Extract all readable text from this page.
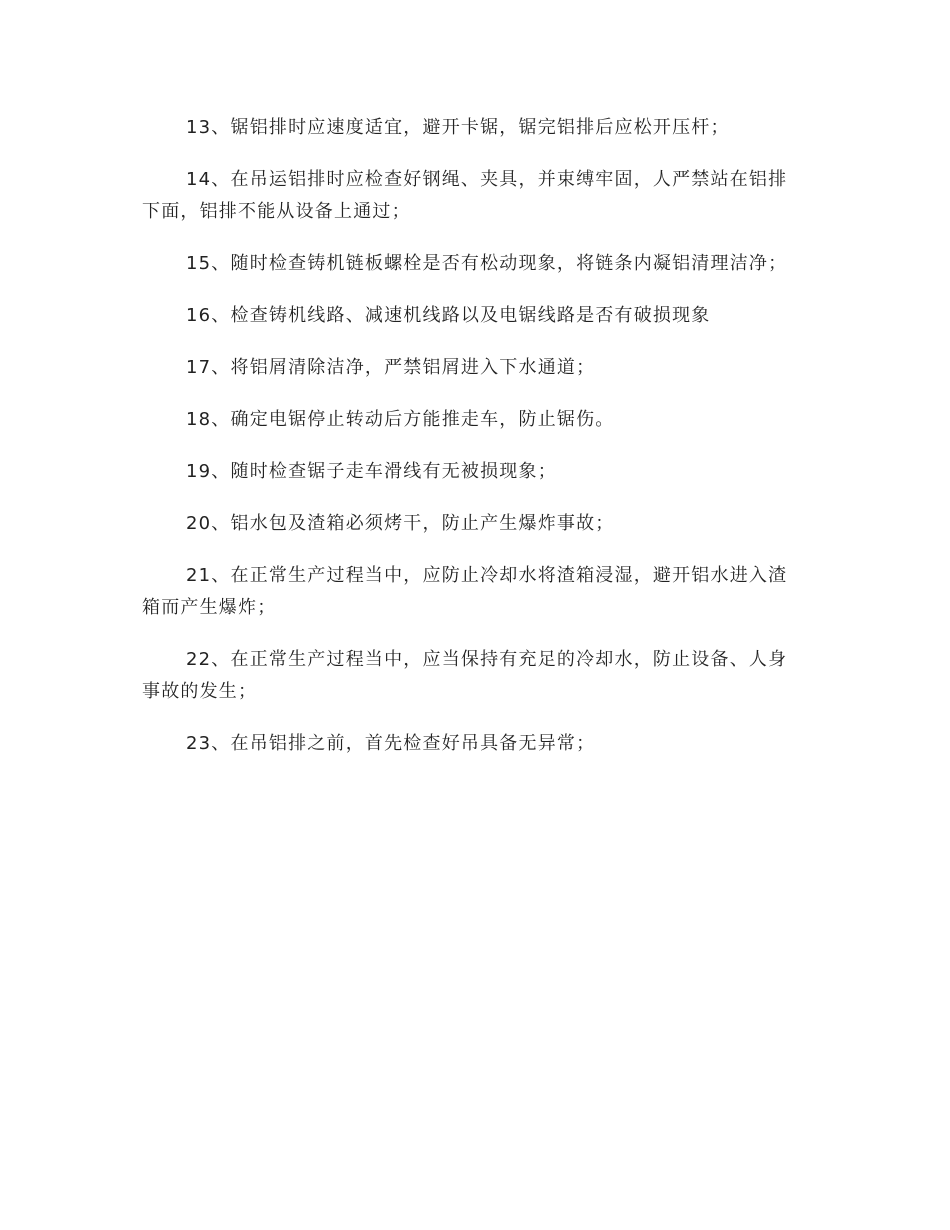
13、锯铝排时应速度适宜，避开卡锯，锯完铝排后应松开压杆；

14、在吊运铝排时应检查好钢绳、夹具，并束缚牢固，人严禁站在铝排下面，铝排不能从设备上通过；

15、随时检查铸机链板螺栓是否有松动现象，将链条内凝铝清理洁净；

16、检查铸机线路、减速机线路以及电锯线路是否有破损现象

17、将铝屑清除洁净，严禁铝屑进入下水通道；

18、确定电锯停止转动后方能推走车，防止锯伤。

19、随时检查锯子走车滑线有无被损现象；

20、铝水包及渣箱必须烤干，防止产生爆炸事故；

21、在正常生产过程当中，应防止冷却水将渣箱浸湿，避开铝水进入渣箱而产生爆炸；

22、在正常生产过程当中，应当保持有充足的冷却水，防止设备、人身事故的发生；

23、在吊铝排之前，首先检查好吊具备无异常；
